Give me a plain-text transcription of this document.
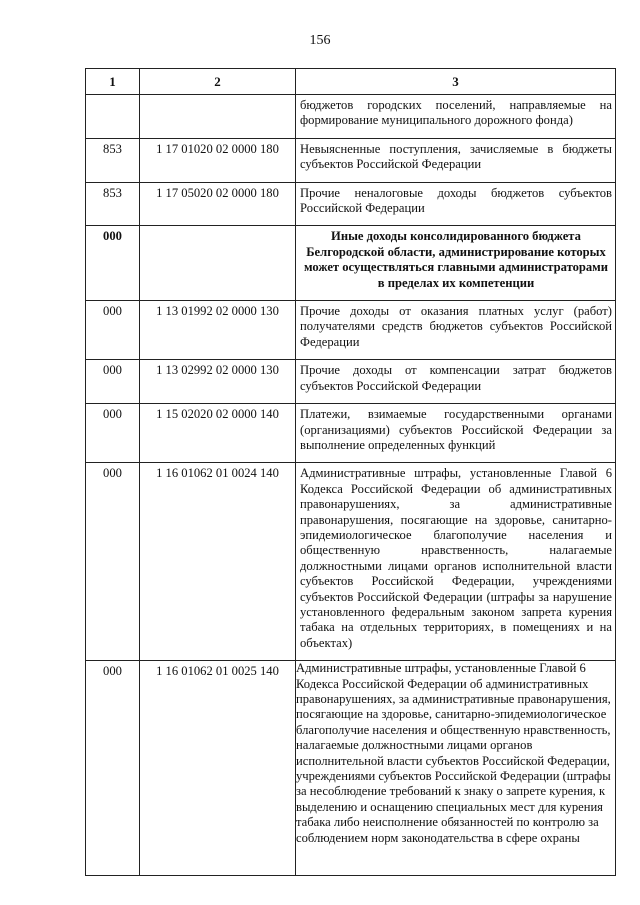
156
1	2	3
		бюджетов городских поселений, направляемые на формирование муниципального дорожного фонда)
853	1 17 01020 02 0000 180	Невыясненные поступления, зачисляемые в бюджеты субъектов Российской Федерации
853	1 17 05020 02 0000 180	Прочие неналоговые доходы бюджетов субъектов Российской Федерации
000		Иные доходы консолидированного бюджета Белгородской области, администрирование которых может осуществляться главными администраторами в пределах их компетенции
000	1 13 01992 02 0000 130	Прочие доходы от оказания платных услуг (работ) получателями средств бюджетов субъектов Российской Федерации
000	1 13 02992 02 0000 130	Прочие доходы от компенсации затрат бюджетов субъектов Российской Федерации
000	1 15 02020 02 0000 140	Платежи, взимаемые государственными органами (организациями) субъектов Российской Федерации за выполнение определенных функций
000	1 16 01062 01 0024 140	Административные штрафы, установленные Главой 6 Кодекса Российской Федерации об административных правонарушениях, за административные правонарушения, посягающие на здоровье, санитарно-эпидемиологическое благополучие населения и общественную нравственность, налагаемые должностными лицами органов исполнительной власти субъектов Российской Федерации, учреждениями субъектов Российской Федерации (штрафы за нарушение установленного федеральным законом запрета курения табака на отдельных территориях, в помещениях и на объектах)
000	1 16 01062 01 0025 140	Административные штрафы, установленные Главой 6 Кодекса Российской Федерации об административных правонарушениях, за административные правонарушения, посягающие на здоровье, санитарно-эпидемиологическое благополучие населения и общественную нравственность, налагаемые должностными лицами органов исполнительной власти субъектов Российской Федерации, учреждениями субъектов Российской Федерации (штрафы за несоблюдение требований к знаку о запрете курения, к выделению и оснащению специальных мест для курения табака либо неисполнение обязанностей по контролю за соблюдением норм законодательства в сфере охраны
